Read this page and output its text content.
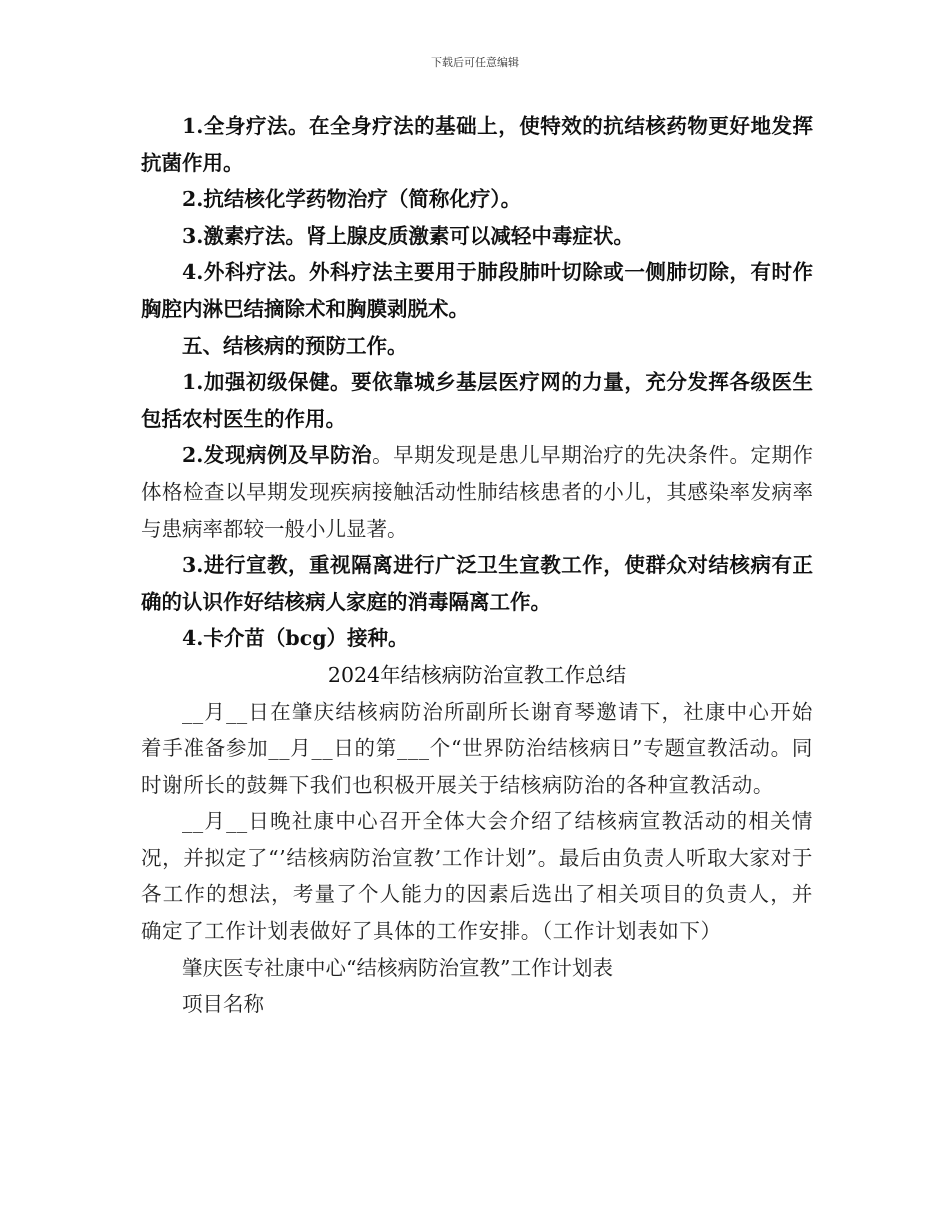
下载后可任意编辑

1.全身疗法。在全身疗法的基础上，使特效的抗结核药物更好地发挥抗菌作用。

2.抗结核化学药物治疗（简称化疗）。

3.激素疗法。肾上腺皮质激素可以减轻中毒症状。

4.外科疗法。外科疗法主要用于肺段肺叶切除或一侧肺切除，有时作胸腔内淋巴结摘除术和胸膜剥脱术。

五、结核病的预防工作。

1.加强初级保健。要依靠城乡基层医疗网的力量，充分发挥各级医生包括农村医生的作用。

2.发现病例及早防治。早期发现是患儿早期治疗的先决条件。定期作体格检查以早期发现疾病接触活动性肺结核患者的小儿，其感染率发病率与患病率都较一般小儿显著。

3.进行宣教，重视隔离进行广泛卫生宣教工作，使群众对结核病有正确的认识作好结核病人家庭的消毒隔离工作。

4.卡介苗（bcg）接种。

2024年结核病防治宣教工作总结

__月__日在肇庆结核病防治所副所长谢育琴邀请下，社康中心开始着手准备参加__月__日的第___个“世界防治结核病日”专题宣教活动。同时谢所长的鼓舞下我们也积极开展关于结核病防治的各种宣教活动。

__月__日晚社康中心召开全体大会介绍了结核病宣教活动的相关情况，并拟定了“’结核病防治宣教’工作计划”。最后由负责人听取大家对于各工作的想法，考量了个人能力的因素后选出了相关项目的负责人，并确定了工作计划表做好了具体的工作安排。（工作计划表如下）

肇庆医专社康中心“结核病防治宣教”工作计划表

项目名称
